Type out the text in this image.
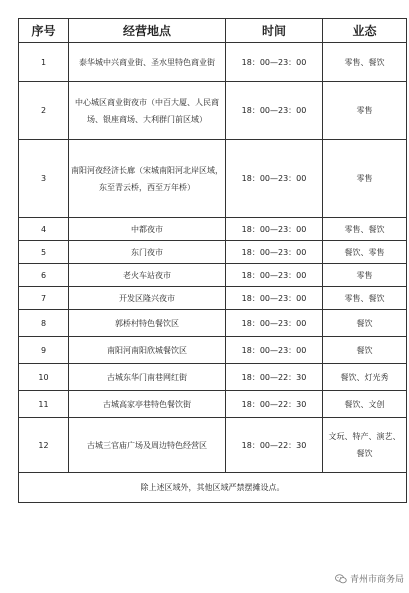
序号	经营地点	时间	业态
1	泰华城中兴商业街、圣水里特色商业街	18：00—23：00	零售、餐饮
2	中心城区商业街夜市（中百大厦、人民商场、银座商场、大利群门前区域）	18：00—23：00	零售
3	南阳河夜经济长廊（宋城南阳河北岸区域，东至青云桥，西至万年桥）	18：00—23：00	零售
4	中都夜市	18：00—23：00	零售、餐饮
5	东门夜市	18：00—23：00	餐饮、零售
6	老火车站夜市	18：00—23：00	零售
7	开发区隆兴夜市	18：00—23：00	零售、餐饮
8	郭桥村特色餐饮区	18：00—23：00	餐饮
9	南阳河南阳欣城餐饮区	18：00—23：00	餐饮
10	古城东华门南巷网红街	18：00—22：30	餐饮、灯光秀
11	古城高家亭巷特色餐饮街	18：00—22：30	餐饮、文创
12	古城三官庙广场及周边特色经营区	18：00—22：30	文玩、特产、演艺、餐饮
除上述区域外，其他区域严禁摆摊设点。			
青州市商务局
